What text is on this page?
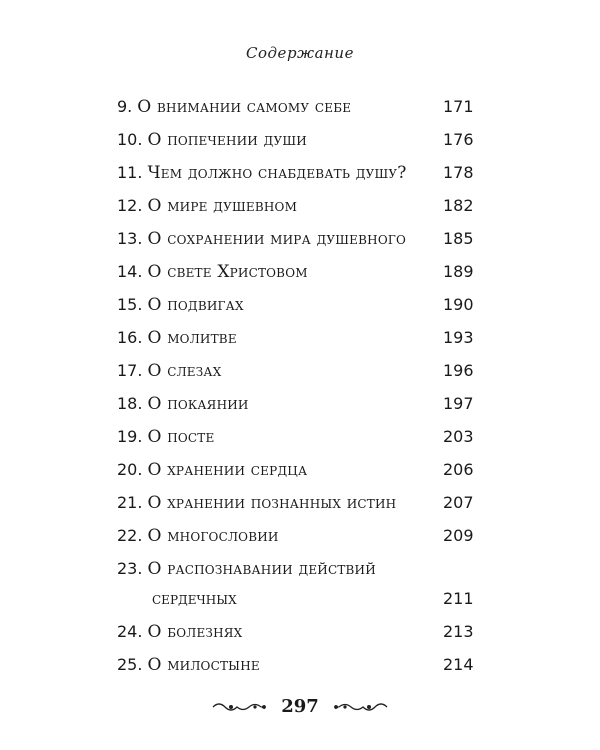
Содержание
9. О внимании самому себе .....	171
10. О попечении души .....	176
11. Чем должно снабдевать душу? ..... 178
12. О мире душевном .....	182
13. О сохранении мира душевного ..... 185
14. О свете Христовом .....	189
15. О подвигах .....	190
16. О молитве .....	193
17. О слезах .....	196
18. О покаянии .....	197
19. О посте .....	203
20. О хранении сердца .....	206
21. О хранении познанных истин .....	207
22. О многословии .....	209
23. О распознавании действий
сердечных .....	211
24. О болезнях .....	213
25. О милостыне .....	214
297
